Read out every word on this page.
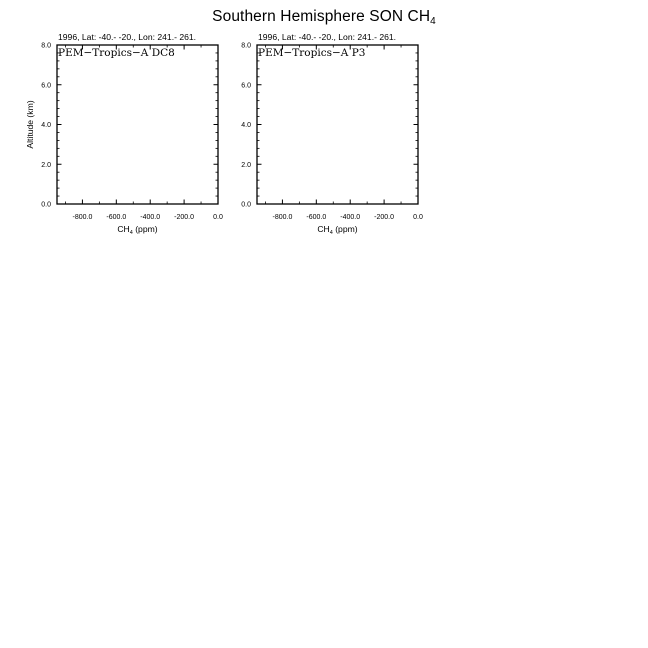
Southern Hemisphere SON $CH_4$
1996, Lat: -40.- -20., Lon: 241.- 261.
PEM−Tropics−A DC8
-800.0 -600.0 -400.0 -200.0	0.0
0.0
2.0
4.0
6.0
8.0
$CH_4$ (ppm)
Altitude (km)
1996, Lat: -40.- -20., Lon: 241.- 261.
PEM−Tropics−A P3
-800.0 -600.0 -400.0 -200.0	0.0
0.0
2.0
4.0
6.0
8.0
$CH_4$ (ppm)
